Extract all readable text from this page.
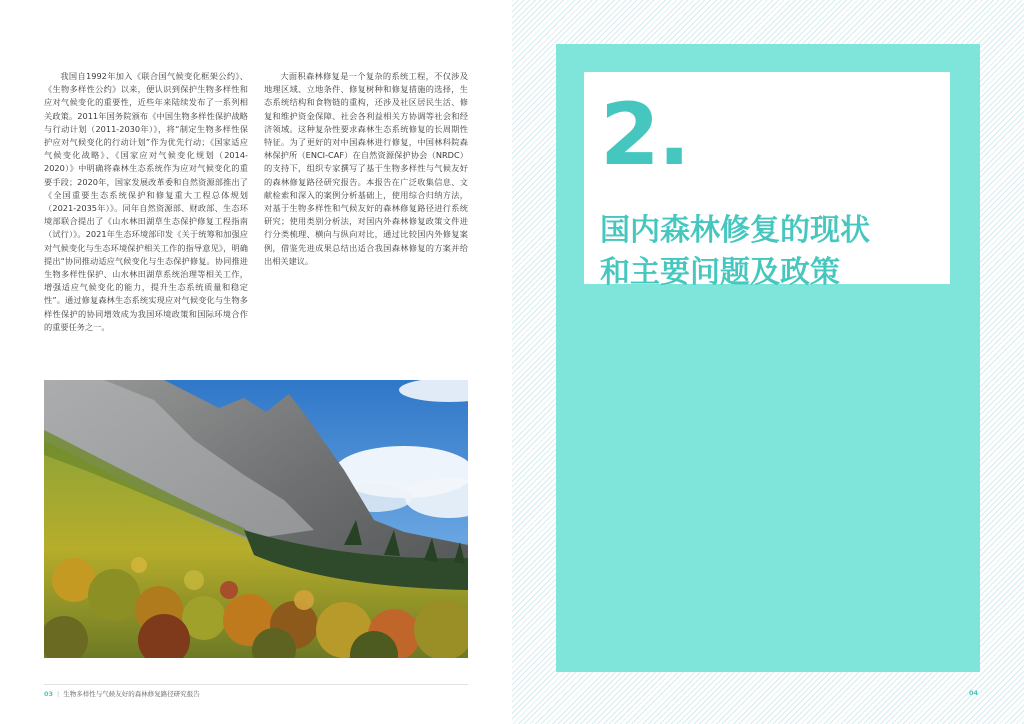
我国自1992年加入《联合国气候变化框架公约》、《生物多样性公约》以来，便认识到保护生物多样性和应对气候变化的重要性，近些年来陆续发布了一系列相关政策。2011年国务院颁布《中国生物多样性保护战略与行动计划（2011-2030年）》，将“制定生物多样性保护应对气候变化的行动计划”作为优先行动；《国家适应气候变化战略》、《国家应对气候变化规划（2014-2020）》中明确将森林生态系统作为应对气候变化的重要手段；2020年，国家发展改革委和自然资源部推出了《全国重要生态系统保护和修复重大工程总体规划（2021-2035年）》。同年自然资源部、财政部、生态环境部联合提出了《山水林田湖草生态保护修复工程指南（试行）》。2021年生态环境部印发《关于统筹和加强应对气候变化与生态环境保护相关工作的指导意见》，明确提出“协同推动适应气候变化与生态保护修复。协同推进生物多样性保护、山水林田湖草系统治理等相关工作，增强适应气候变化的能力，提升生态系统质量和稳定性”。通过修复森林生态系统实现应对气候变化与生物多样性保护的协同增效成为我国环境政策和国际环境合作的重要任务之一。

大面积森林修复是一个复杂的系统工程，不仅涉及地理区域、立地条件、修复树种和修复措施的选择，生态系统结构和食物链的重构，还涉及社区居民生活、修复和维护资金保障、社会各利益相关方协调等社会和经济领域。这种复杂性要求森林生态系统修复的长周期性特征。为了更好的对中国森林进行修复，中国林科院森林保护所（ENCI-CAF）在自然资源保护协会（NRDC）的支持下，组织专家撰写了基于生物多样性与气候友好的森林修复路径研究报告。本报告在广泛收集信息、文献检索和深入的案例分析基础上，使用综合归纳方法，对基于生物多样性和气候友好的森林修复路径进行系统研究；使用类别分析法，对国内外森林修复政策文件进行分类梳理、横向与纵向对比，通过比较国内外修复案例，借鉴先进成果总结出适合我国森林修复的方案并给出相关建议。

03 | 生物多样性与气候友好的森林修复路径研究报告
2.
国内森林修复的现状
和主要问题及政策
04
